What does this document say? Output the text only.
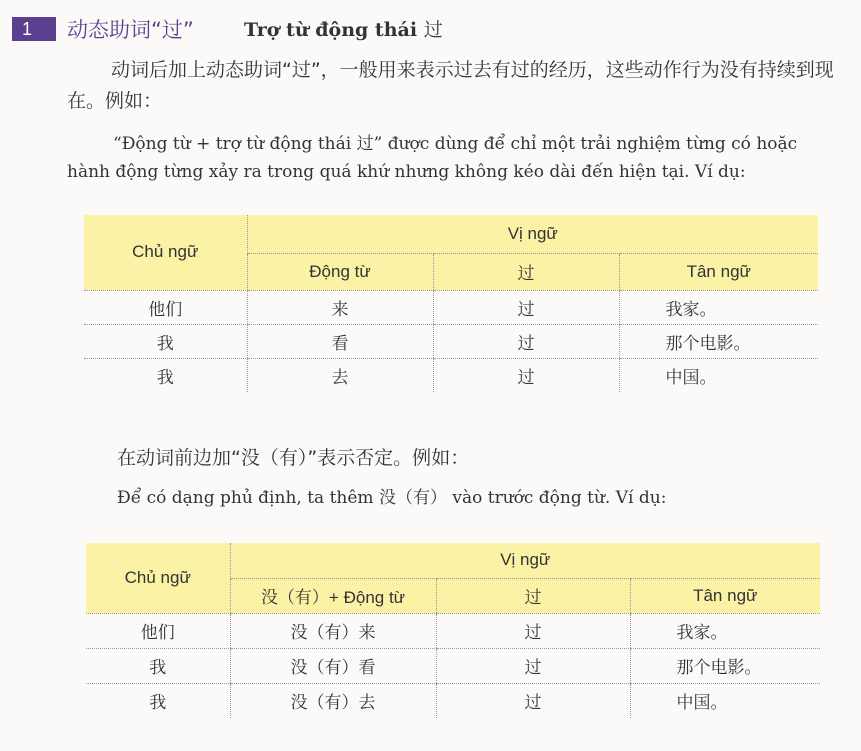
1	动态助词“过”	Trợ từ động thái 过
动词后加上动态助词“过”，一般用来表示过去有过的经历，这些动作行为没有持续到现在。例如：
“Động từ + trợ từ động thái 过” được dùng để chỉ một trải nghiệm từng có hoặc hành động từng xảy ra trong quá khứ nhưng không kéo dài đến hiện tại. Ví dụ:
Chủ ngữ	Vị ngữ		
	Động từ	过	Tân ngữ
他们	来	过	我家。
我	看	过	那个电影。
我	去	过	中国。
在动词前边加“没（有）”表示否定。例如：
Để có dạng phủ định, ta thêm 没（有） vào trước động từ. Ví dụ:
Chủ ngữ	Vị ngữ		
	没（有）+ Động từ	过	Tân ngữ
他们	没（有）来	过	我家。
我	没（有）看	过	那个电影。
我	没（有）去	过	中国。
